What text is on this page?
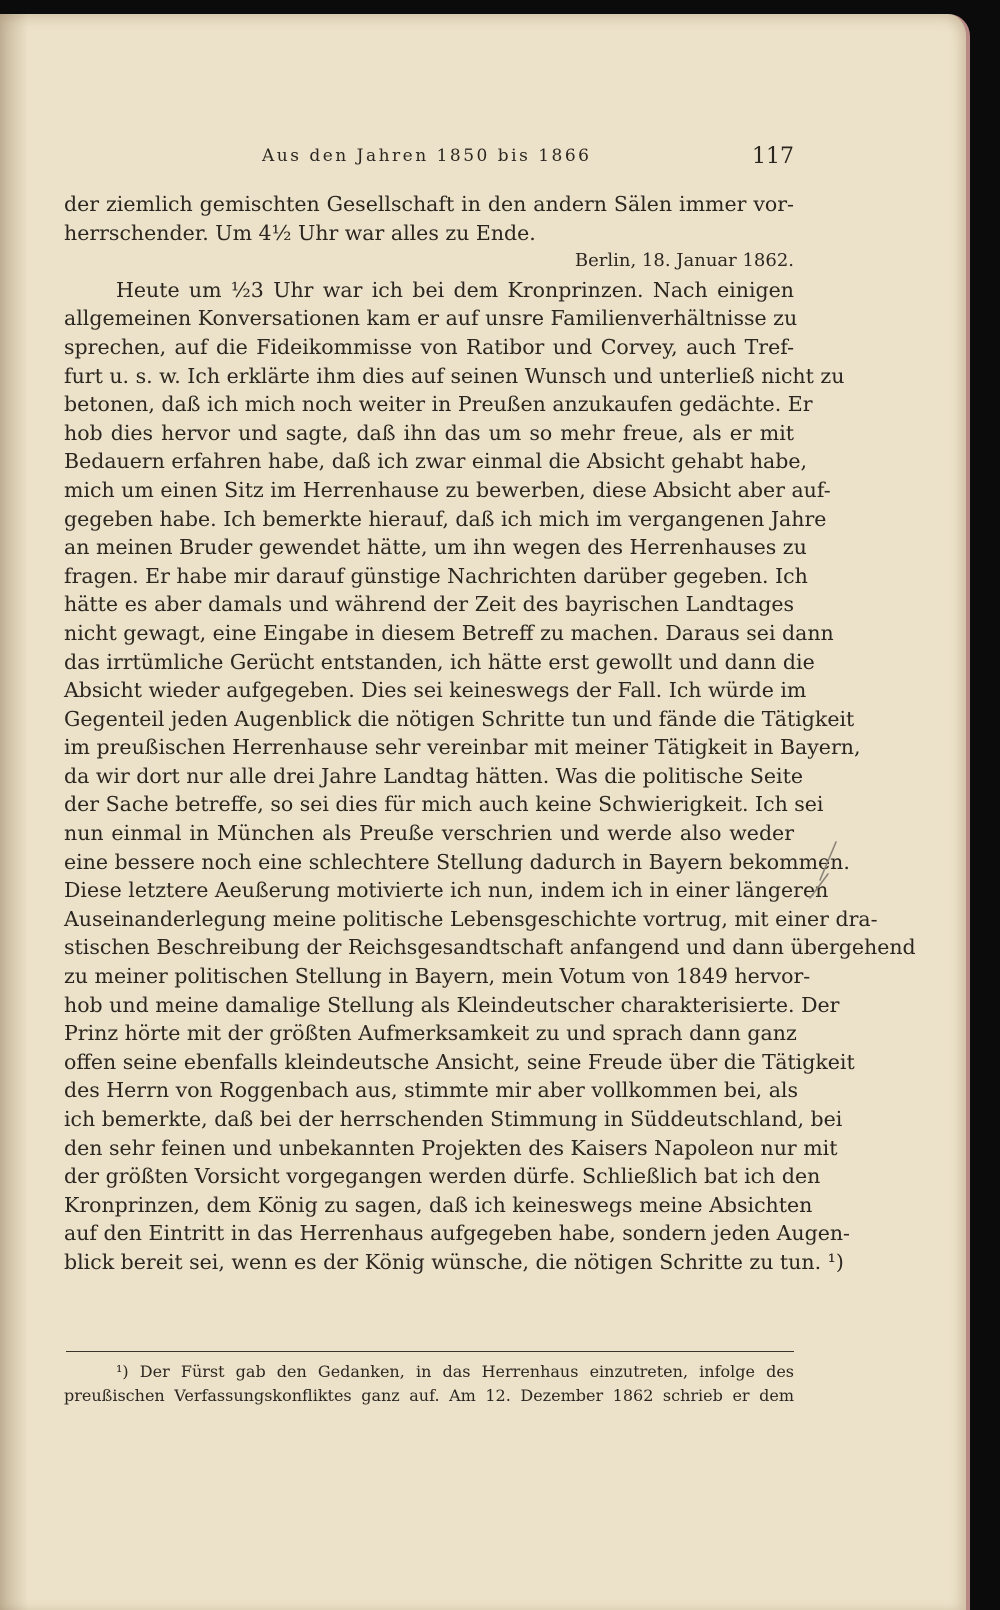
Aus den Jahren 1850 bis 1866	117
der ziemlich gemischten Gesellschaft in den andern Sälen immer vor-
herrschender. Um 4½ Uhr war alles zu Ende.
Berlin, 18. Januar 1862.
Heute um ½3 Uhr war ich bei dem Kronprinzen. Nach einigen
allgemeinen Konversationen kam er auf unsre Familienverhältnisse zu
sprechen, auf die Fideikommisse von Ratibor und Corvey, auch Tref-
furt u. s. w. Ich erklärte ihm dies auf seinen Wunsch und unterließ nicht zu
betonen, daß ich mich noch weiter in Preußen anzukaufen gedächte. Er
hob dies hervor und sagte, daß ihn das um so mehr freue, als er mit
Bedauern erfahren habe, daß ich zwar einmal die Absicht gehabt habe,
mich um einen Sitz im Herrenhause zu bewerben, diese Absicht aber auf-
gegeben habe. Ich bemerkte hierauf, daß ich mich im vergangenen Jahre
an meinen Bruder gewendet hätte, um ihn wegen des Herrenhauses zu
fragen. Er habe mir darauf günstige Nachrichten darüber gegeben. Ich
hätte es aber damals und während der Zeit des bayrischen Landtages
nicht gewagt, eine Eingabe in diesem Betreff zu machen. Daraus sei dann
das irrtümliche Gerücht entstanden, ich hätte erst gewollt und dann die
Absicht wieder aufgegeben. Dies sei keineswegs der Fall. Ich würde im
Gegenteil jeden Augenblick die nötigen Schritte tun und fände die Tätigkeit
im preußischen Herrenhause sehr vereinbar mit meiner Tätigkeit in Bayern,
da wir dort nur alle drei Jahre Landtag hätten. Was die politische Seite
der Sache betreffe, so sei dies für mich auch keine Schwierigkeit. Ich sei
nun einmal in München als Preuße verschrien und werde also weder
eine bessere noch eine schlechtere Stellung dadurch in Bayern bekommen.
Diese letztere Aeußerung motivierte ich nun, indem ich in einer längeren
Auseinanderlegung meine politische Lebensgeschichte vortrug, mit einer dra-
stischen Beschreibung der Reichsgesandtschaft anfangend und dann übergehend
zu meiner politischen Stellung in Bayern, mein Votum von 1849 hervor-
hob und meine damalige Stellung als Kleindeutscher charakterisierte. Der
Prinz hörte mit der größten Aufmerksamkeit zu und sprach dann ganz
offen seine ebenfalls kleindeutsche Ansicht, seine Freude über die Tätigkeit
des Herrn von Roggenbach aus, stimmte mir aber vollkommen bei, als
ich bemerkte, daß bei der herrschenden Stimmung in Süddeutschland, bei
den sehr feinen und unbekannten Projekten des Kaisers Napoleon nur mit
der größten Vorsicht vorgegangen werden dürfe. Schließlich bat ich den
Kronprinzen, dem König zu sagen, daß ich keineswegs meine Absichten
auf den Eintritt in das Herrenhaus aufgegeben habe, sondern jeden Augen-
blick bereit sei, wenn es der König wünsche, die nötigen Schritte zu tun. ¹)
¹) Der Fürst gab den Gedanken, in das Herrenhaus einzutreten, infolge des
preußischen Verfassungskonfliktes ganz auf. Am 12. Dezember 1862 schrieb er dem
